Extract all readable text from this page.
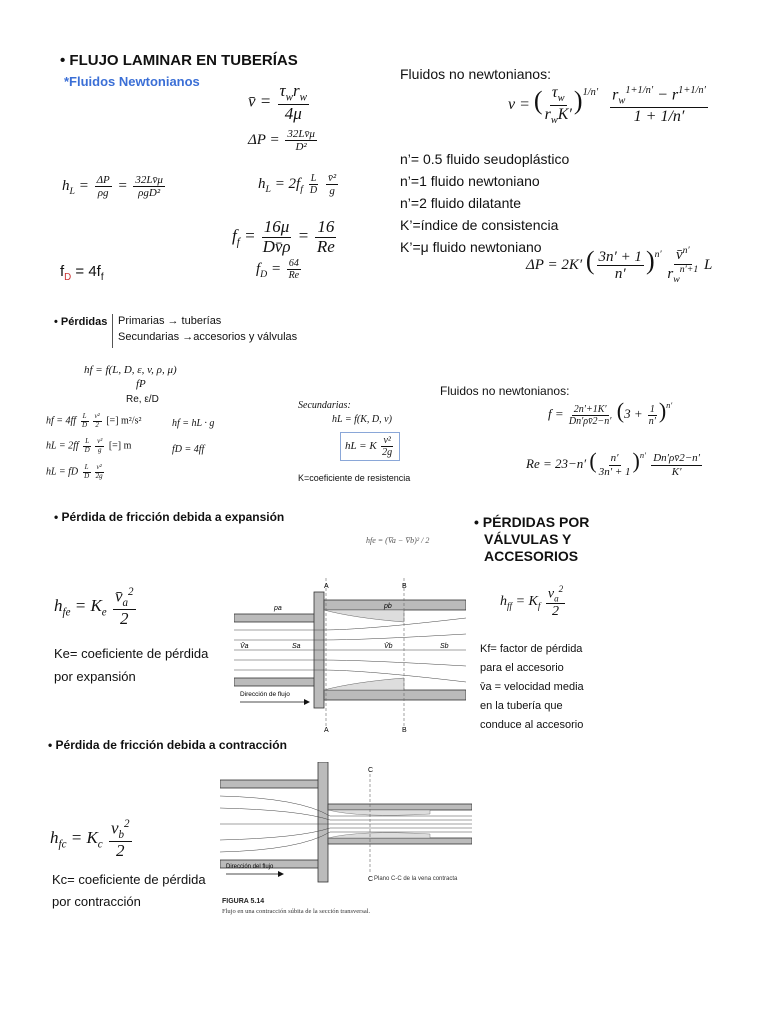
• FLUJO LAMINAR EN TUBERÍAS
*Fluidos Newtonianos
v̄ = $\frac{\tau_wr_w}{4\mu}$
$\Delta P = \frac{32Lv̄\mu}{\text{D²}}$
$h_L = \frac{\Delta P}{\rho g} = \frac{32Lv̄\mu}{\text{ρgD²}}$	$h_L = 2f_f \frac{L}{D}$
$\frac{\text{v̄²}}{g}$
$f_f = \frac{16\mu}{Dv̄\rho} = \frac{16}{Re}$
$f_D = 4f_f$
$f_D = \frac{64}{Re}$
Fluidos no newtonianos:
v = ( $\frac{\tau_w}{r_wK'} )^{1/n'} \frac{r_w^{1+1/n'} - r^{1+1/n'}}{1 + 1/n'}$
n’= 0.5 fluido seudoplástico
n’=1 fluido newtoniano
n’=2 fluido dilatante
K’=índice de consistencia
K’=μ fluido newtoniano
ΔP = 2K′ ( $\frac{3n' + 1}{n'} )^{n'} \frac{v̄^{n'}}{r_w^{n'+1}}$ L
• Pérdidas Primarias → tuberías
Secundarias →accesorios y válvulas
hf = f(L, D, ε, v, ρ, μ)
fP
Re, ε/D
hf = $4ff \frac{L}{D} \frac{\text{v²}}{2}$ [=] m²/s²
hL = $2ff \frac{L}{D} \frac{\text{v²}}{g}$ [=] m
hL = fD $\frac{L}{D} \frac{\text{v²}}{2g}$
hf = hL · g
fD = 4ff
Secundarias:
hL = f(K, D, v)
hL = K $\frac{\text{v²}}{2g}$
K=coeficiente de resistencia
Fluidos no newtonianos:
$f = \frac{2n'+1K'}{Dn'\rho v̄2-n'} (3 + \frac{1}{n'} )^{n'}$
Re = 23−n′ ( $\frac{n'}{3n' + 1} )^{n'} \frac{Dn'\rho v̄2-n'}{K'}$
• Pérdida de fricción debida a expansión
hfe = (V̄a − V̄b)² / 2
$h_{fe} = K_e \frac{v̄_a^2}{2}$
Ke= coeficiente de pérdida
por expansión
A	B
A	B
pa	pb
V̄a	V̄b
Sa	Sb
Dirección de flujo
• PÉRDIDAS POR
VÁLVULAS Y
ACCESORIOS
$h_{ff} = K_f \frac{v_a^2}{2}$
Kf= factor de pérdida
para el accesorio
v̄a = velocidad media
en la tubería que
conduce al accesorio
• Pérdida de fricción debida a contracción
$h_{fc} = K_c \frac{v_b^2}{2}$
Kc= coeficiente de pérdida
por contracción
C
C
Dirección del flujo
Plano C-C de la vena contracta
FIGURA 5.14
Flujo en una contracción súbita de la sección transversal.
